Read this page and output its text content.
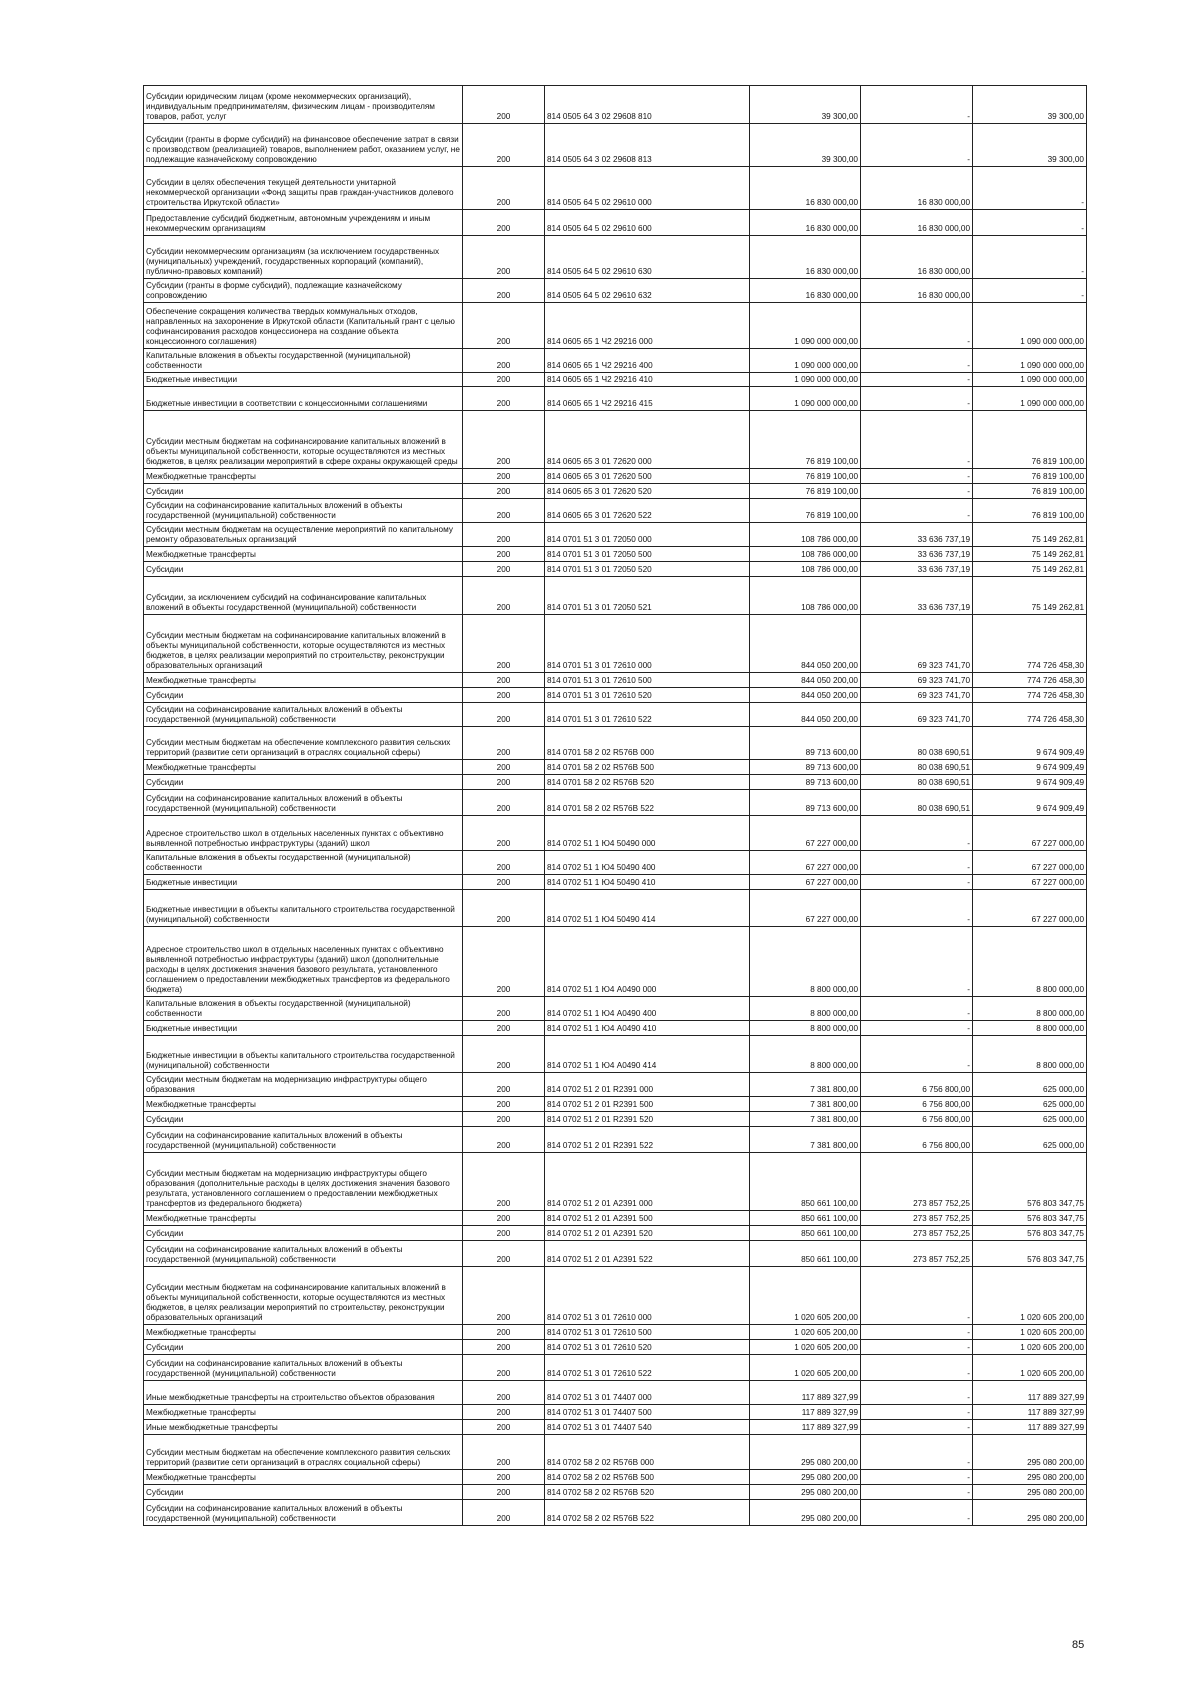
Субсидии юридическим лицам (кроме некоммерческих организаций), индивидуальным предпринимателям, физическим лицам - производителям товаров, работ, услуг	200	814 0505 64 3 02 29608 810	39 300,00	-	39 300,00
Субсидии (гранты в форме субсидий) на финансовое обеспечение затрат в связи с производством (реализацией) товаров, выполнением работ, оказанием услуг, не подлежащие казначейскому сопровождению	200	814 0505 64 3 02 29608 813	39 300,00	-	39 300,00
Субсидии в целях обеспечения текущей деятельности унитарной некоммерческой организации «Фонд защиты прав граждан-участников долевого строительства Иркутской области»	200	814 0505 64 5 02 29610 000	16 830 000,00	16 830 000,00	-
Предоставление субсидий бюджетным, автономным учреждениям и иным некоммерческим организациям	200	814 0505 64 5 02 29610 600	16 830 000,00	16 830 000,00	-
Субсидии некоммерческим организациям (за исключением государственных (муниципальных) учреждений, государственных корпораций (компаний), публично-правовых компаний)	200	814 0505 64 5 02 29610 630	16 830 000,00	16 830 000,00	-
Субсидии (гранты в форме субсидий), подлежащие казначейскому сопровождению	200	814 0505 64 5 02 29610 632	16 830 000,00	16 830 000,00	-
Обеспечение сокращения количества твердых коммунальных отходов, направленных на захоронение в Иркутской области (Капитальный грант с целью софинансирования расходов концессионера на создание объекта концессионного соглашения)	200	814 0605 65 1 Ч2 29216 000	1 090 000 000,00	-	1 090 000 000,00
Капитальные вложения в объекты государственной (муниципальной) собственности	200	814 0605 65 1 Ч2 29216 400	1 090 000 000,00	-	1 090 000 000,00
Бюджетные инвестиции	200	814 0605 65 1 Ч2 29216 410	1 090 000 000,00	-	1 090 000 000,00
Бюджетные инвестиции в соответствии с концессионными соглашениями	200	814 0605 65 1 Ч2 29216 415	1 090 000 000,00	-	1 090 000 000,00
Субсидии местным бюджетам на софинансирование капитальных вложений в объекты муниципальной собственности, которые осуществляются из местных бюджетов, в целях реализации мероприятий в сфере охраны окружающей среды	200	814 0605 65 3 01 72620 000	76 819 100,00	-	76 819 100,00
Межбюджетные трансферты	200	814 0605 65 3 01 72620 500	76 819 100,00	-	76 819 100,00
Субсидии	200	814 0605 65 3 01 72620 520	76 819 100,00	-	76 819 100,00
Субсидии на софинансирование капитальных вложений в объекты государственной (муниципальной) собственности	200	814 0605 65 3 01 72620 522	76 819 100,00	-	76 819 100,00
Субсидии местным бюджетам на осуществление мероприятий по капитальному ремонту образовательных организаций	200	814 0701 51 3 01 72050 000	108 786 000,00	33 636 737,19	75 149 262,81
Межбюджетные трансферты	200	814 0701 51 3 01 72050 500	108 786 000,00	33 636 737,19	75 149 262,81
Субсидии	200	814 0701 51 3 01 72050 520	108 786 000,00	33 636 737,19	75 149 262,81
Субсидии, за исключением субсидий на софинансирование капитальных вложений в объекты государственной (муниципальной) собственности	200	814 0701 51 3 01 72050 521	108 786 000,00	33 636 737,19	75 149 262,81
Субсидии местным бюджетам на софинансирование капитальных вложений в объекты муниципальной собственности, которые осуществляются из местных бюджетов, в целях реализации мероприятий по строительству, реконструкции образовательных организаций	200	814 0701 51 3 01 72610 000	844 050 200,00	69 323 741,70	774 726 458,30
Межбюджетные трансферты	200	814 0701 51 3 01 72610 500	844 050 200,00	69 323 741,70	774 726 458,30
Субсидии	200	814 0701 51 3 01 72610 520	844 050 200,00	69 323 741,70	774 726 458,30
Субсидии на софинансирование капитальных вложений в объекты государственной (муниципальной) собственности	200	814 0701 51 3 01 72610 522	844 050 200,00	69 323 741,70	774 726 458,30
Субсидии местным бюджетам на обеспечение комплексного развития сельских территорий (развитие сети организаций в отраслях социальной сферы)	200	814 0701 58 2 02 R576В 000	89 713 600,00	80 038 690,51	9 674 909,49
Межбюджетные трансферты	200	814 0701 58 2 02 R576В 500	89 713 600,00	80 038 690,51	9 674 909,49
Субсидии	200	814 0701 58 2 02 R576В 520	89 713 600,00	80 038 690,51	9 674 909,49
Субсидии на софинансирование капитальных вложений в объекты государственной (муниципальной) собственности	200	814 0701 58 2 02 R576В 522	89 713 600,00	80 038 690,51	9 674 909,49
Адресное строительство школ в отдельных населенных пунктах с объективно выявленной потребностью инфраструктуры (зданий) школ	200	814 0702 51 1 Ю4 50490 000	67 227 000,00	-	67 227 000,00
Капитальные вложения в объекты государственной (муниципальной) собственности	200	814 0702 51 1 Ю4 50490 400	67 227 000,00	-	67 227 000,00
Бюджетные инвестиции	200	814 0702 51 1 Ю4 50490 410	67 227 000,00	-	67 227 000,00
Бюджетные инвестиции в объекты капитального строительства государственной (муниципальной) собственности	200	814 0702 51 1 Ю4 50490 414	67 227 000,00	-	67 227 000,00
Адресное строительство школ в отдельных населенных пунктах с объективно выявленной потребностью инфраструктуры (зданий) школ (дополнительные расходы в целях достижения значения базового результата, установленного соглашением о предоставлении межбюджетных трансфертов из федерального бюджета)	200	814 0702 51 1 Ю4 А0490 000	8 800 000,00	-	8 800 000,00
Капитальные вложения в объекты государственной (муниципальной) собственности	200	814 0702 51 1 Ю4 А0490 400	8 800 000,00	-	8 800 000,00
Бюджетные инвестиции	200	814 0702 51 1 Ю4 А0490 410	8 800 000,00	-	8 800 000,00
Бюджетные инвестиции в объекты капитального строительства государственной (муниципальной) собственности	200	814 0702 51 1 Ю4 А0490 414	8 800 000,00	-	8 800 000,00
Субсидии местным бюджетам на модернизацию инфраструктуры общего образования	200	814 0702 51 2 01 R2391 000	7 381 800,00	6 756 800,00	625 000,00
Межбюджетные трансферты	200	814 0702 51 2 01 R2391 500	7 381 800,00	6 756 800,00	625 000,00
Субсидии	200	814 0702 51 2 01 R2391 520	7 381 800,00	6 756 800,00	625 000,00
Субсидии на софинансирование капитальных вложений в объекты государственной (муниципальной) собственности	200	814 0702 51 2 01 R2391 522	7 381 800,00	6 756 800,00	625 000,00
Субсидии местным бюджетам на модернизацию инфраструктуры общего образования (дополнительные расходы в целях достижения значения базового результата, установленного соглашением о предоставлении межбюджетных трансфертов из федерального бюджета)	200	814 0702 51 2 01 А2391 000	850 661 100,00	273 857 752,25	576 803 347,75
Межбюджетные трансферты	200	814 0702 51 2 01 А2391 500	850 661 100,00	273 857 752,25	576 803 347,75
Субсидии	200	814 0702 51 2 01 А2391 520	850 661 100,00	273 857 752,25	576 803 347,75
Субсидии на софинансирование капитальных вложений в объекты государственной (муниципальной) собственности	200	814 0702 51 2 01 А2391 522	850 661 100,00	273 857 752,25	576 803 347,75
Субсидии местным бюджетам на софинансирование капитальных вложений в объекты муниципальной собственности, которые осуществляются из местных бюджетов, в целях реализации мероприятий по строительству, реконструкции образовательных организаций	200	814 0702 51 3 01 72610 000	1 020 605 200,00	-	1 020 605 200,00
Межбюджетные трансферты	200	814 0702 51 3 01 72610 500	1 020 605 200,00	-	1 020 605 200,00
Субсидии	200	814 0702 51 3 01 72610 520	1 020 605 200,00	-	1 020 605 200,00
Субсидии на софинансирование капитальных вложений в объекты государственной (муниципальной) собственности	200	814 0702 51 3 01 72610 522	1 020 605 200,00	-	1 020 605 200,00
Иные межбюджетные трансферты на строительство объектов образования	200	814 0702 51 3 01 74407 000	117 889 327,99	-	117 889 327,99
Межбюджетные трансферты	200	814 0702 51 3 01 74407 500	117 889 327,99	-	117 889 327,99
Иные межбюджетные трансферты	200	814 0702 51 3 01 74407 540	117 889 327,99	-	117 889 327,99
Субсидии местным бюджетам на обеспечение комплексного развития сельских территорий (развитие сети организаций в отраслях социальной сферы)	200	814 0702 58 2 02 R576В 000	295 080 200,00	-	295 080 200,00
Межбюджетные трансферты	200	814 0702 58 2 02 R576В 500	295 080 200,00	-	295 080 200,00
Субсидии	200	814 0702 58 2 02 R576В 520	295 080 200,00	-	295 080 200,00
Субсидии на софинансирование капитальных вложений в объекты государственной (муниципальной) собственности	200	814 0702 58 2 02 R576В 522	295 080 200,00	-	295 080 200,00
85
